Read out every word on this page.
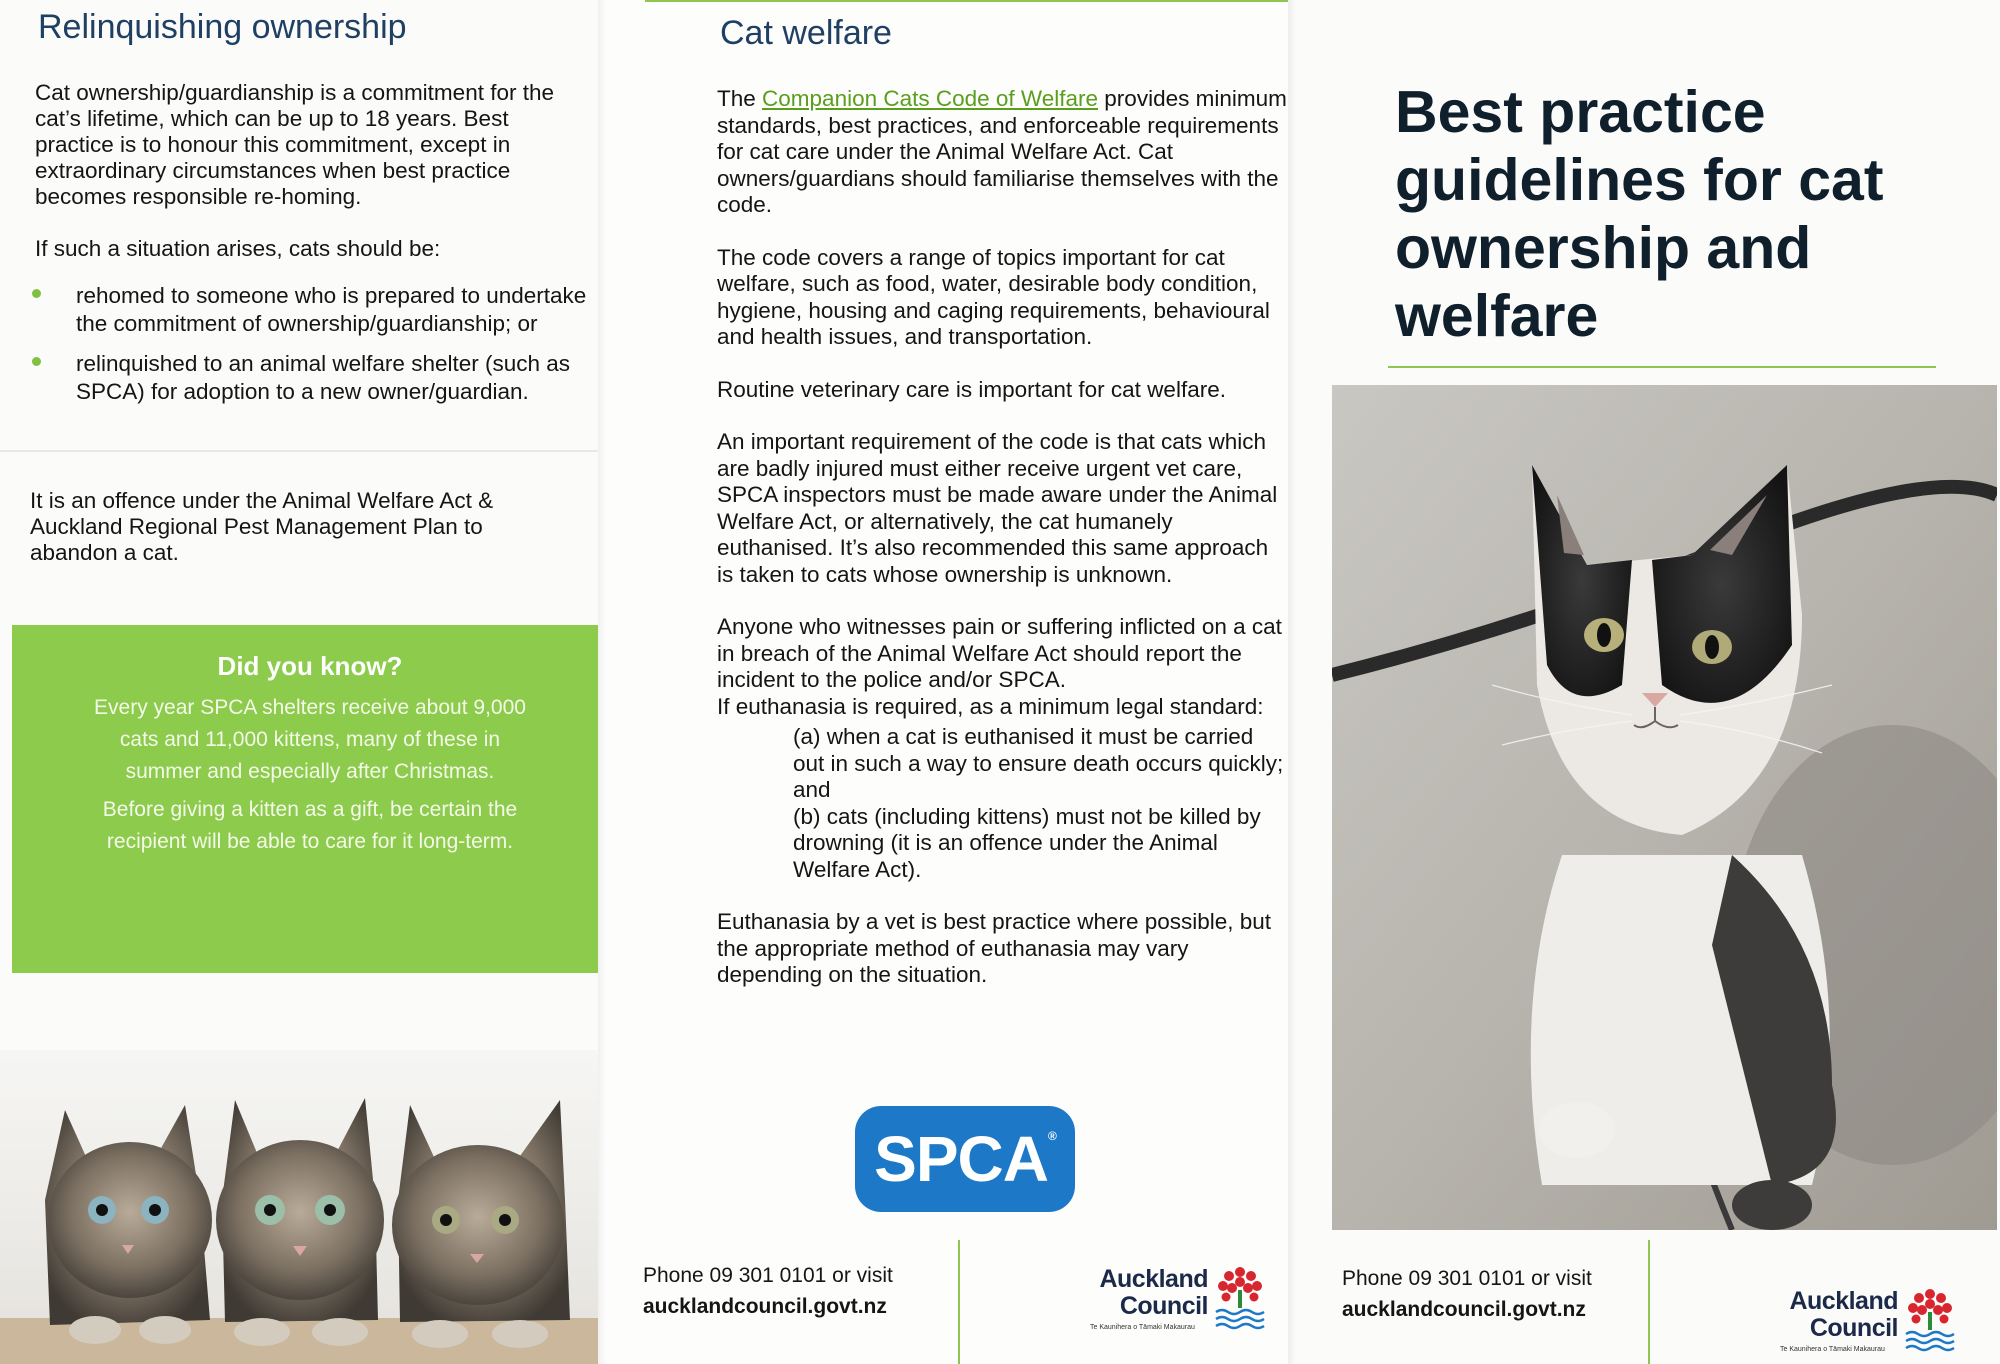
Relinquishing ownership

Cat ownership/guardianship is a commitment for the cat’s lifetime, which can be up to 18 years. Best practice is to honour this commitment, except in extraordinary circumstances when best practice becomes responsible re-homing.

If such a situation arises, cats should be:

rehomed to someone who is prepared to undertake the commitment of ownership/guardianship; or
relinquished to an animal welfare shelter (such as SPCA) for adoption to a new owner/guardian.
It is an offence under the Animal Welfare Act & Auckland Regional Pest Management Plan to abandon a cat.
Did you know?

Every year SPCA shelters receive about 9,000 cats and 11,000 kittens, many of these in summer and especially after Christmas.

Before giving a kitten as a gift, be certain the recipient will be able to care for it long-term.

Cat welfare

The Companion Cats Code of Welfare provides minimum standards, best practices, and enforceable requirements for cat care under the Animal Welfare Act. Cat owners/guardians should familiarise themselves with the code.

The code covers a range of topics important for cat welfare, such as food, water, desirable body condition, hygiene, housing and caging requirements, behavioural and health issues, and transportation.

Routine veterinary care is important for cat welfare.

An important requirement of the code is that cats which are badly injured must either receive urgent vet care, SPCA inspectors must be made aware under the Animal Welfare Act, or alternatively, the cat humanely euthanised. It’s also recommended this same approach is taken to cats whose ownership is unknown.

Anyone who witnesses pain or suffering inflicted on a cat in breach of the Animal Welfare Act should report the incident to the police and/or SPCA.

If euthanasia is required, as a minimum legal standard:

(a) when a cat is euthanised it must be carried out in such a way to ensure death occurs quickly; and

(b) cats (including kittens) must not be killed by drowning (it is an offence under the Animal Welfare Act).

Euthanasia by a vet is best practice where possible, but the appropriate method of euthanasia may vary depending on the situation.

SPCA®
Phone 09 301 0101 or visit
aucklandcouncil.govt.nz
Auckland
Council
Te Kaunihera o Tāmaki Makaurau
Best practice guidelines for cat ownership and welfare
Phone 09 301 0101 or visit
aucklandcouncil.govt.nz	Auckland
Council
Te Kaunihera o Tāmaki Makaurau
